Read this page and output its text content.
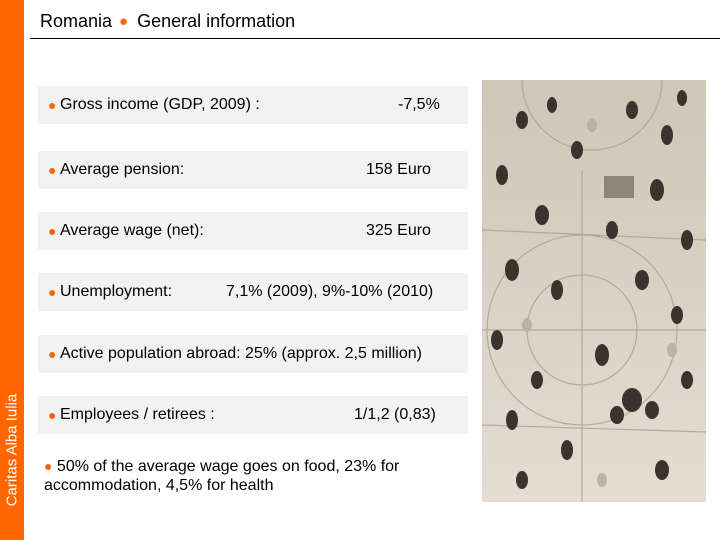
Caritas Alba Iulia
Romania ● General information
● Gross income (GDP, 2009) :	-7,5%
● Average pension:	158 Euro
● Average wage (net):	325 Euro
● Unemployment:	7,1% (2009), 9%-10% (2010)
● Active population abroad: 25% (approx. 2,5 million)
● Employees / retirees :	1/1,2 (0,83)
● 50% of the average wage goes on food, 23% for accommodation, 4,5% for health
